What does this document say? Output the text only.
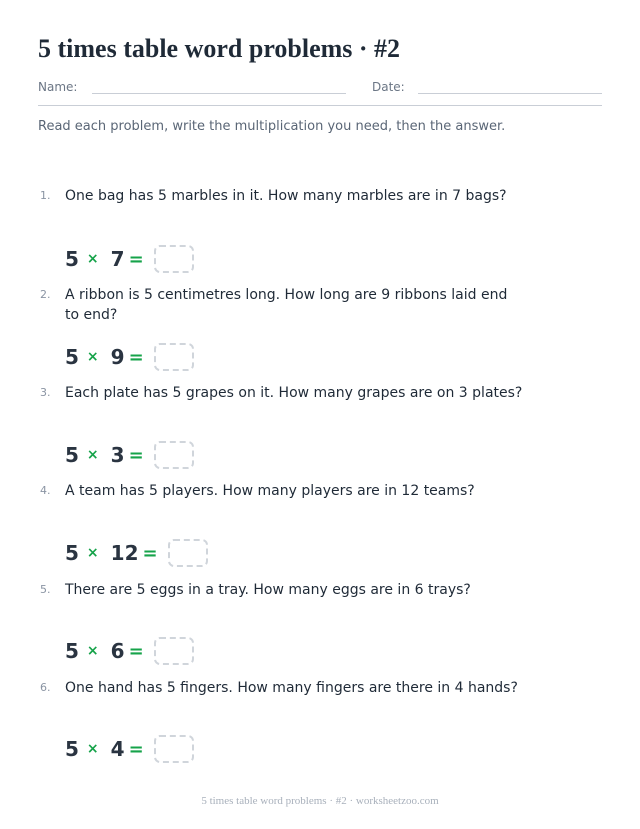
5 times table word problems · #2
Name:	Date:
Read each problem, write the multiplication you need, then the answer.
1. One bag has 5 marbles in it. How many marbles are in 7 bags?
5 × 7 =
2. A ribbon is 5 centimetres long. How long are 9 ribbons laid end to end?
5 × 9 =
3. Each plate has 5 grapes on it. How many grapes are on 3 plates?
5 × 3 =
4. A team has 5 players. How many players are in 12 teams?
5 × 12 =
5. There are 5 eggs in a tray. How many eggs are in 6 trays?
5 × 6 =
6. One hand has 5 fingers. How many fingers are there in 4 hands?
5 × 4 =
5 times table word problems · #2 · worksheetzoo.com
